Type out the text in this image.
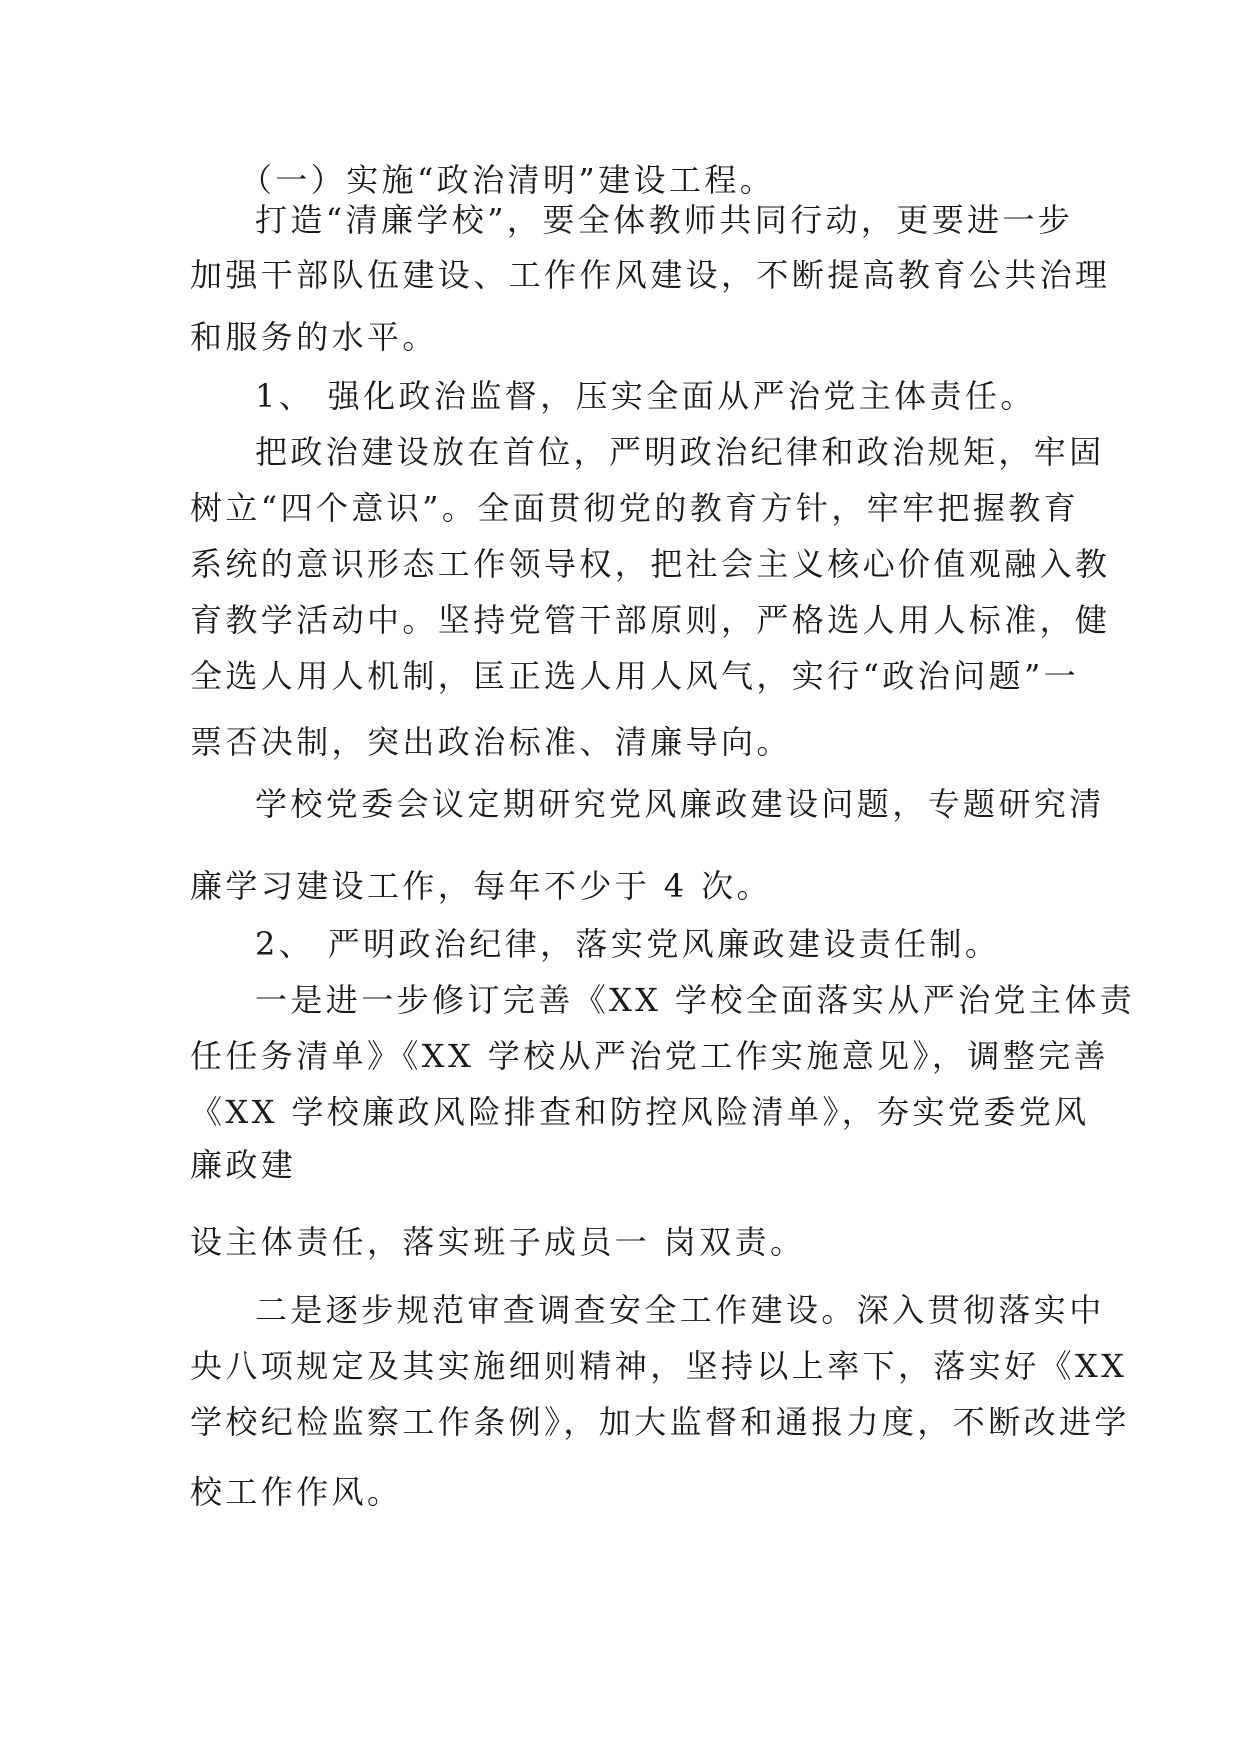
（一）实施“政治清明”建设工程。
打造“清廉学校”，要全体教师共同行动，更要进一步
加强干部队伍建设、工作作风建设，不断提高教育公共治理
和服务的水平。
1、 强化政治监督，压实全面从严治党主体责任。
把政治建设放在首位，严明政治纪律和政治规矩，牢固
树立“四个意识”。全面贯彻党的教育方针，牢牢把握教育
系统的意识形态工作领导权，把社会主义核心价值观融入教
育教学活动中。坚持党管干部原则，严格选人用人标准，健
全选人用人机制，匡正选人用人风气，实行“政治问题”一
票否决制，突出政治标准、清廉导向。
学校党委会议定期研究党风廉政建设问题，专题研究清
廉学习建设工作，每年不少于 4 次。
2、 严明政治纪律，落实党风廉政建设责任制。
一是进一步修订完善《XX 学校全面落实从严治党主体责
任任务清单》《XX 学校从严治党工作实施意见》，调整完善
《XX 学校廉政风险排查和防控风险清单》，夯实党委党风
廉政建
设主体责任，落实班子成员一 岗双责。
二是逐步规范审查调查安全工作建设。深入贯彻落实中
央八项规定及其实施细则精神，坚持以上率下，落实好《XX
学校纪检监察工作条例》，加大监督和通报力度，不断改进学
校工作作风。
